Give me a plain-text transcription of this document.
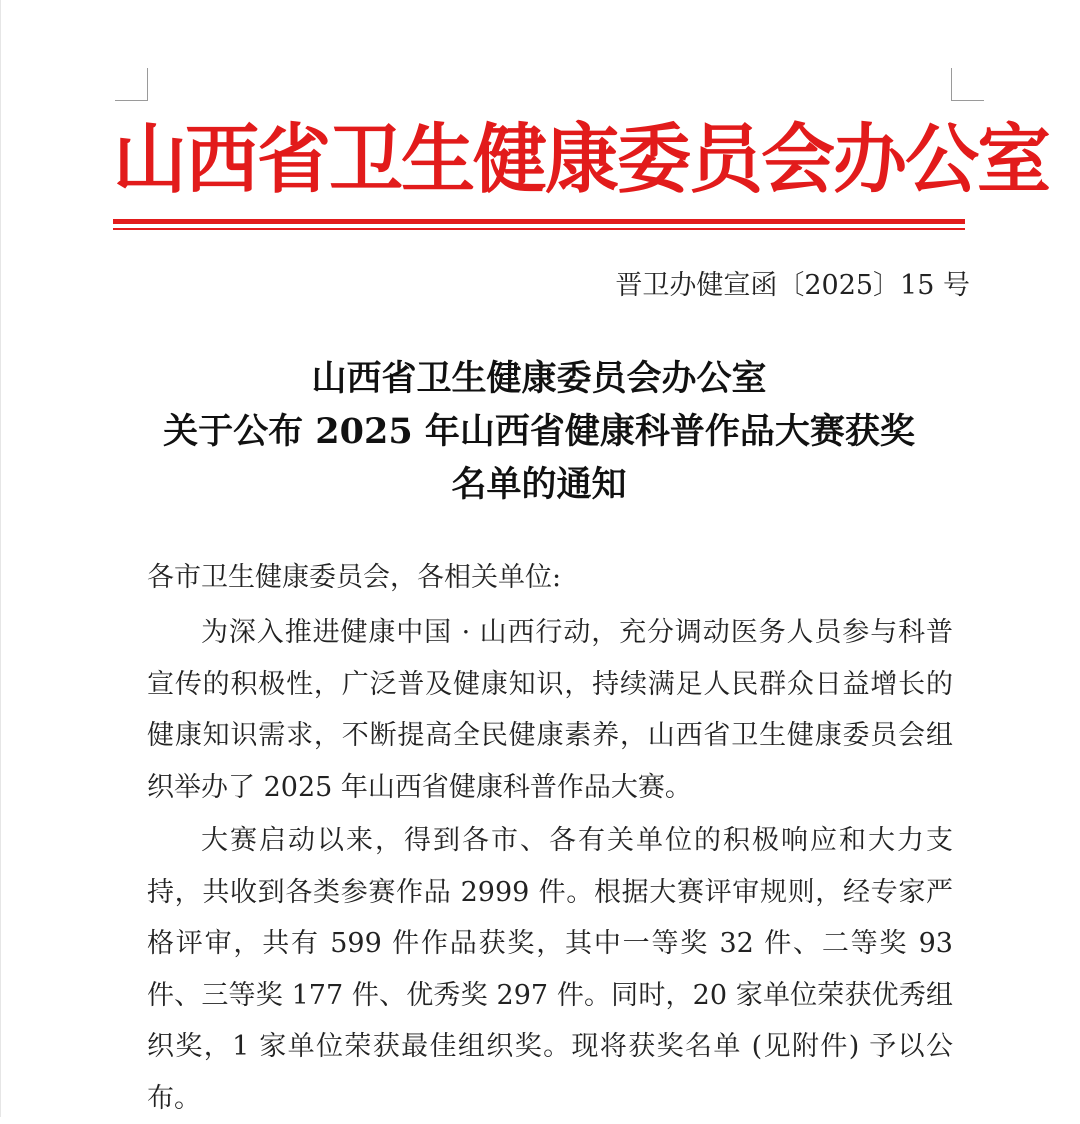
山西省卫生健康委员会办公室
晋卫办健宣函〔2025〕15 号
山西省卫生健康委员会办公室
关于公布 2025 年山西省健康科普作品大赛获奖
名单的通知
各市卫生健康委员会，各相关单位:

为深入推进健康中国 · 山西行动，充分调动医务人员参与科普宣传的积极性，广泛普及健康知识，持续满足人民群众日益增长的健康知识需求，不断提高全民健康素养，山西省卫生健康委员会组织举办了 2025 年山西省健康科普作品大赛。

大赛启动以来，得到各市、各有关单位的积极响应和大力支持，共收到各类参赛作品 2999 件。根据大赛评审规则，经专家严格评审，共有 599 件作品获奖，其中一等奖 32 件、二等奖 93 件、三等奖 177 件、优秀奖 297 件。同时，20 家单位荣获优秀组织奖，1 家单位荣获最佳组织奖。现将获奖名单 (见附件) 予以公布。
